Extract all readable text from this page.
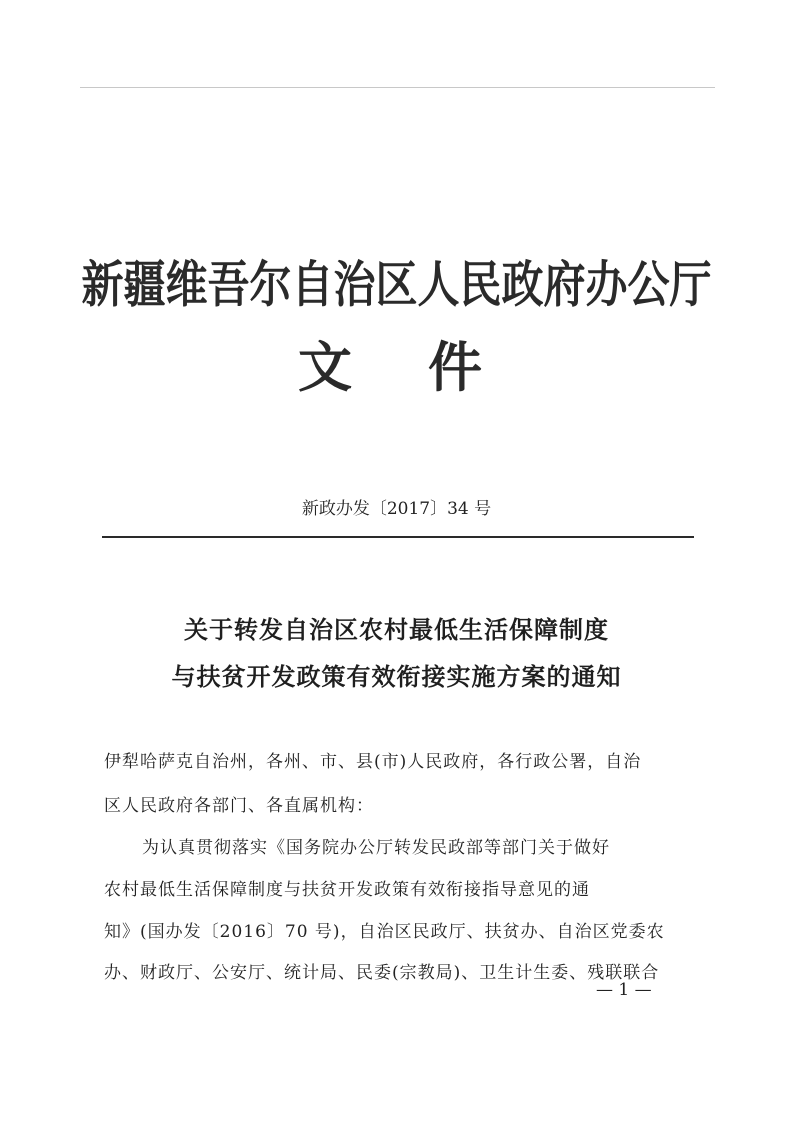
新疆维吾尔自治区人民政府办公厅
文 件
新政办发〔2017〕34 号
关于转发自治区农村最低生活保障制度
与扶贫开发政策有效衔接实施方案的通知
伊犁哈萨克自治州，各州、市、县(市)人民政府，各行政公署，自治
区人民政府各部门、各直属机构：
为认真贯彻落实《国务院办公厅转发民政部等部门关于做好
农村最低生活保障制度与扶贫开发政策有效衔接指导意见的通
知》(国办发〔2016〕70 号)，自治区民政厅、扶贫办、自治区党委农
办、财政厅、公安厅、统计局、民委(宗教局)、卫生计生委、残联联合
— 1 —
